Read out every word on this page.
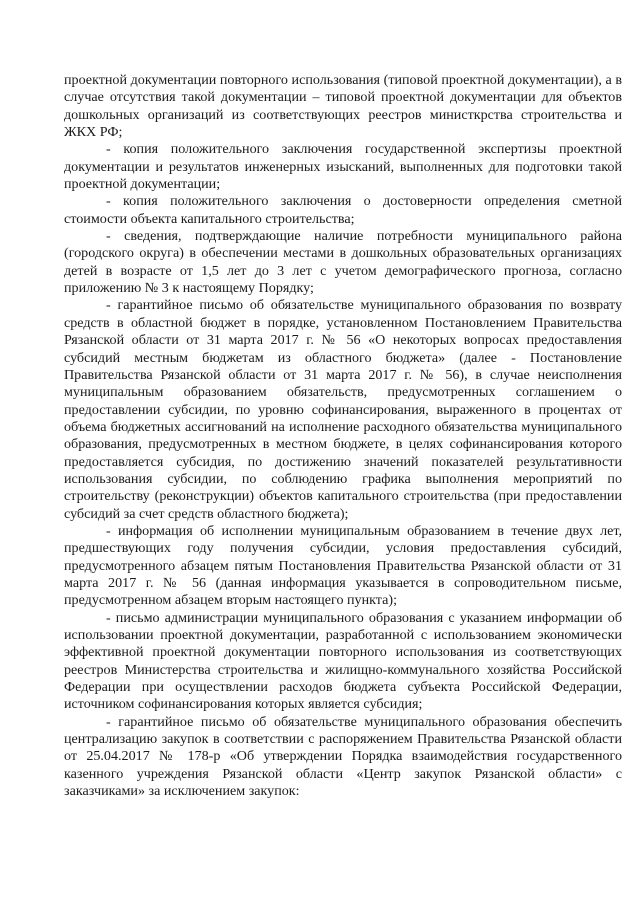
проектной документации повторного использования (типовой проектной документации), а в случае отсутствия такой документации – типовой проектной документации для объектов дошкольных организаций из соответствующих реестров министкрства строительства и ЖКХ РФ;

- копия положительного заключения государственной экспертизы проектной документации и результатов инженерных изысканий, выполненных для подготовки такой проектной документации;

- копия положительного заключения о достоверности определения сметной стоимости объекта капитального строительства;

- сведения, подтверждающие наличие потребности муниципального района (городского округа) в обеспечении местами в дошкольных образовательных организациях детей в возрасте от 1,5 лет до 3 лет с учетом демографического прогноза, согласно приложению № 3 к настоящему Порядку;

- гарантийное письмо об обязательстве муниципального образования по возврату средств в областной бюджет в порядке, установленном Постановлением Правительства Рязанской области от 31 марта 2017 г. № 56 «О некоторых вопросах предоставления субсидий местным бюджетам из областного бюджета» (далее - Постановление Правительства Рязанской области от 31 марта 2017 г. № 56), в случае неисполнения муниципальным образованием обязательств, предусмотренных соглашением о предоставлении субсидии, по уровню софинансирования, выраженного в процентах от объема бюджетных ассигнований на исполнение расходного обязательства муниципального образования, предусмотренных в местном бюджете, в целях софинансирования которого предоставляется субсидия, по достижению значений показателей результативности использования субсидии, по соблюдению графика выполнения мероприятий по строительству (реконструкции) объектов капитального строительства (при предоставлении субсидий за счет средств областного бюджета);

- информация об исполнении муниципальным образованием в течение двух лет, предшествующих году получения субсидии, условия предоставления субсидий, предусмотренного абзацем пятым Постановления Правительства Рязанской области от 31 марта 2017 г. № 56 (данная информация указывается в сопроводительном письме, предусмотренном абзацем вторым настоящего пункта);

- письмо администрации муниципального образования с указанием информации об использовании проектной документации, разработанной с использованием экономически эффективной проектной документации повторного использования из соответствующих реестров Министерства строительства и жилищно-коммунального хозяйства Российской Федерации при осуществлении расходов бюджета субъекта Российской Федерации, источником софинансирования которых является субсидия;

- гарантийное письмо об обязательстве муниципального образования обеспечить централизацию закупок в соответствии с распоряжением Правительства Рязанской области от 25.04.2017 № 178-р «Об утверждении Порядка взаимодействия государственного казенного учреждения Рязанской области «Центр закупок Рязанской области» с заказчиками» за исключением закупок:
